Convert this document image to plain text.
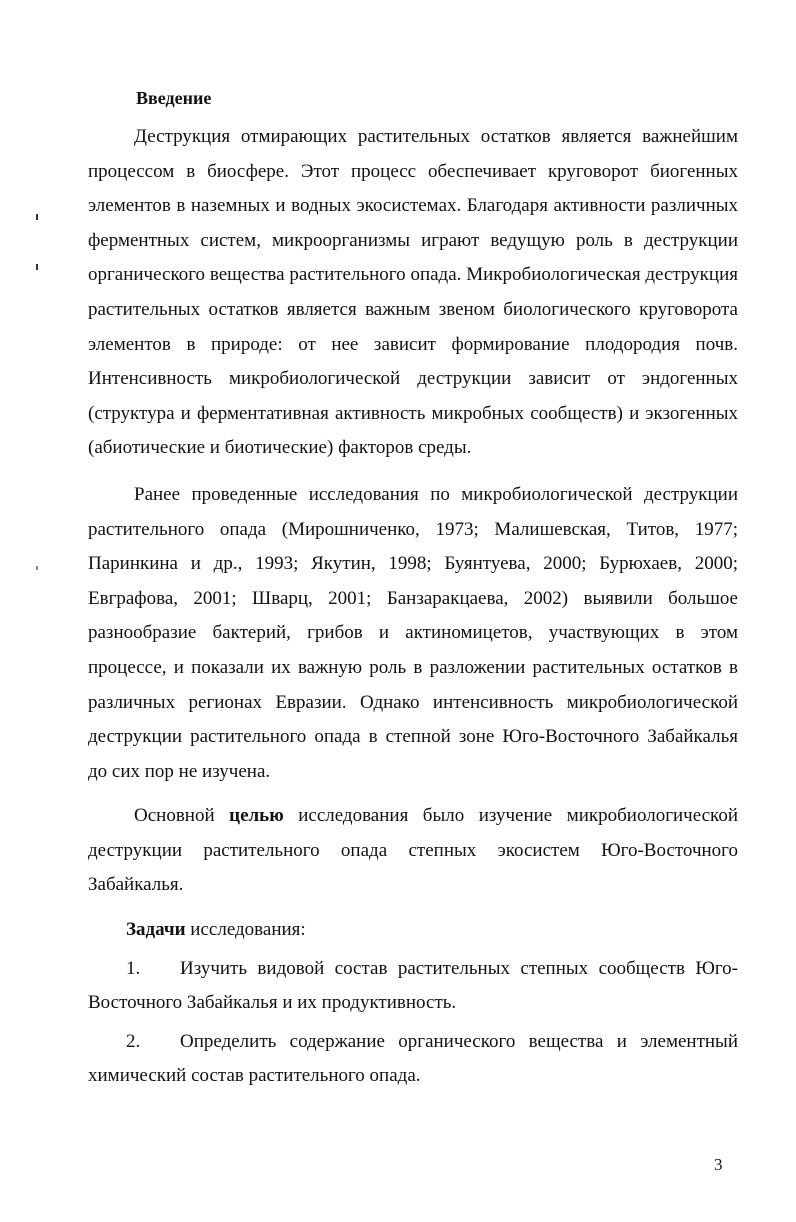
Введение

Деструкция отмирающих растительных остатков является важнейшим процессом в биосфере. Этот процесс обеспечивает круговорот биогенных элементов в наземных и водных экосистемах. Благодаря активности различных ферментных систем, микроорганизмы играют ведущую роль в деструкции органического вещества растительного опада. Микробиологическая деструкция растительных остатков является важным звеном биологического круговорота элементов в природе: от нее зависит формирование плодородия почв. Интенсивность микробиологической деструкции зависит от эндогенных (структура и ферментативная активность микробных сообществ) и экзогенных (абиотические и биотические) факторов среды.

Ранее проведенные исследования по микробиологической деструкции растительного опада (Мирошниченко, 1973; Малишевская, Титов, 1977; Паринкина и др., 1993; Якутин, 1998; Буянтуева, 2000; Бурюхаев, 2000; Евграфова, 2001; Шварц, 2001; Банзаракцаева, 2002) выявили большое разнообразие бактерий, грибов и актиномицетов, участвующих в этом процессе, и показали их важную роль в разложении растительных остатков в различных регионах Евразии. Однако интенсивность микробиологической деструкции растительного опада в степной зоне Юго-Восточного Забайкалья до сих пор не изучена.

Основной целью исследования было изучение микробиологической деструкции растительного опада степных экосистем Юго-Восточного Забайкалья.

Задачи исследования:

1. Изучить видовой состав растительных степных сообществ Юго-Восточного Забайкалья и их продуктивность.

2. Определить содержание органического вещества и элементный химический состав растительного опада.

3
